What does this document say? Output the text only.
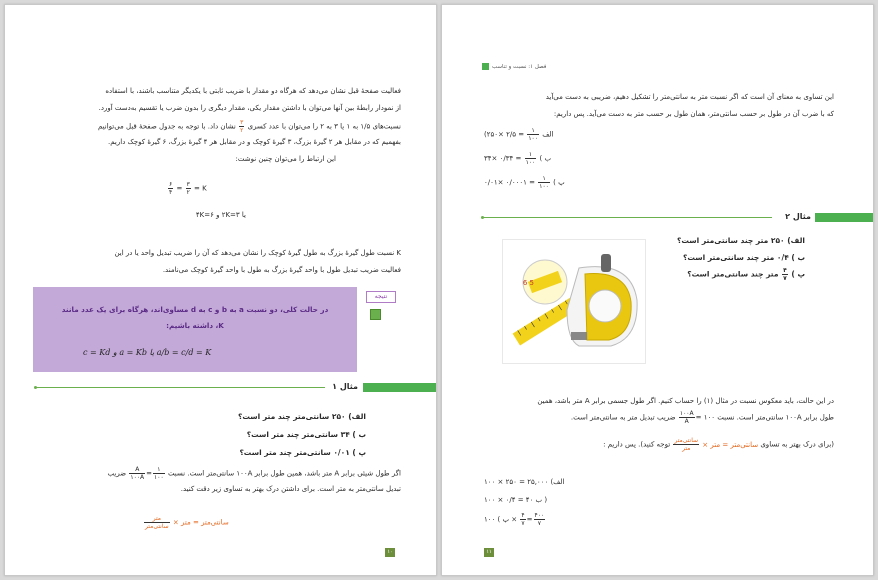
فعالیت صفحهٔ قبل نشان می‌دهد که هرگاه دو مقدار با ضریب ثابتی با یکدیگر متناسب باشند، با استفاده
از نمودار رابطهٔ بین آنها می‌توان با داشتن مقدار یکی، مقدار دیگری را بدون ضرب یا تقسیم به‌دست آورد.
نسبت‌های ۱/۵ به ۱ یا ۳ به ۲ را می‌توان با عدد کسری
$\frac{۳}{۲}$
نشان داد. با توجه به جدول صفحهٔ قبل می‌توانیم
بفهمیم که در مقابل هر ۲ گیرهٔ بزرگ، ۳ گیرهٔ کوچک و در مقابل هر ۴ گیرهٔ بزرگ، ۶ گیرهٔ کوچک داریم.
این ارتباط را می‌توان چنین نوشت:
$\frac{۶}{۴} = \frac{۳}{۲} = K$
یا ۳=۲K و ۶=۴K
K نسبت طول گیرهٔ بزرگ به طول گیرهٔ کوچک را نشان می‌دهد که آن را ضریب تبدیل واحد یا در این
فعالیت ضریب تبدیل طول با واحد گیرهٔ بزرگ به طول با واحد گیرهٔ کوچک می‌نامند.
در حالت کلی، دو نسبت a به b و c به d مساوی‌اند، هرگاه برای یک عدد مانند
K، داشته باشیم:
c = Kd و a = Kb یا a/b = c/d = K
نتیجه
مثال ۱
الف) ۲۵۰ سانتی‌متر چند متر است؟
ب ) ۳۴ سانتی‌متر چند متر است؟
پ ) ۰/۰۱ سانتی‌متر چند متر است؟
اگر طول شیئی برابر A متر باشد، همین طول برابر ۱۰۰A سانتی‌متر است. نسبت
$\frac{A}{۱۰۰A} = \frac{۱}{۱۰۰}$
ضریب
تبدیل سانتی‌متر به متر است. برای داشتن درک بهتر به تساوی زیر دقت کنید.
$\frac{\text{متر}}{\text{سانتی‌متر}}$ ×	سانتی‌متر = متر
۱۰
فصل ۱: نسبت و تناسب
این تساوی به معنای آن است که اگر نسبت متر به سانتی‌متر را تشکیل دهیم، ضریبی به دست می‌آید
که با ضرب آن در طول بر حسب سانتی‌متر، همان طول بر حسب متر به دست می‌آید. پس داریم:
(الف
$\frac{۱}{۱۰۰}$
= ۲/۵ ×۲۵۰
ب )
$\frac{۱}{۱۰۰}$
= ۰/۳۴ ×۳۴
پ )
$\frac{۱}{۱۰۰}$
= ۰/۰۰۰۱ ×۰/۰۱
مثال ۲
الف) ۲۵۰ متر چند سانتی‌متر است؟
ب ) ۰/۴ متر چند سانتی‌متر است؟
پ )
$\frac{۴}{۷}$
متر چند سانتی‌متر است؟
5 6
در این حالت، باید معکوس نسبت در مثال (۱) را حساب کنیم. اگر طول جسمی برابر A متر باشد، همین
طول برابر ۱۰۰A سانتی‌متر است. نسبت
$\frac{۱۰۰A}{A}$ = ۱۰۰ ضریب تبدیل متر به سانتی‌متر است.
(برای درک بهتر به تساوی سانتی‌متر = متر ×
$\frac{\text{سانتی‌متر}}{\text{متر}}$
توجه کنید). پس داریم :
۱۰۰ × ۲۵۰ = ۲۵,۰۰۰ (الف
۱۰۰ × ۰/۴ = ۴۰ ب )
پ ) ۱۰۰ × $\frac{۴}{۷} = \frac{۴۰۰}{۷}$
۱۱
